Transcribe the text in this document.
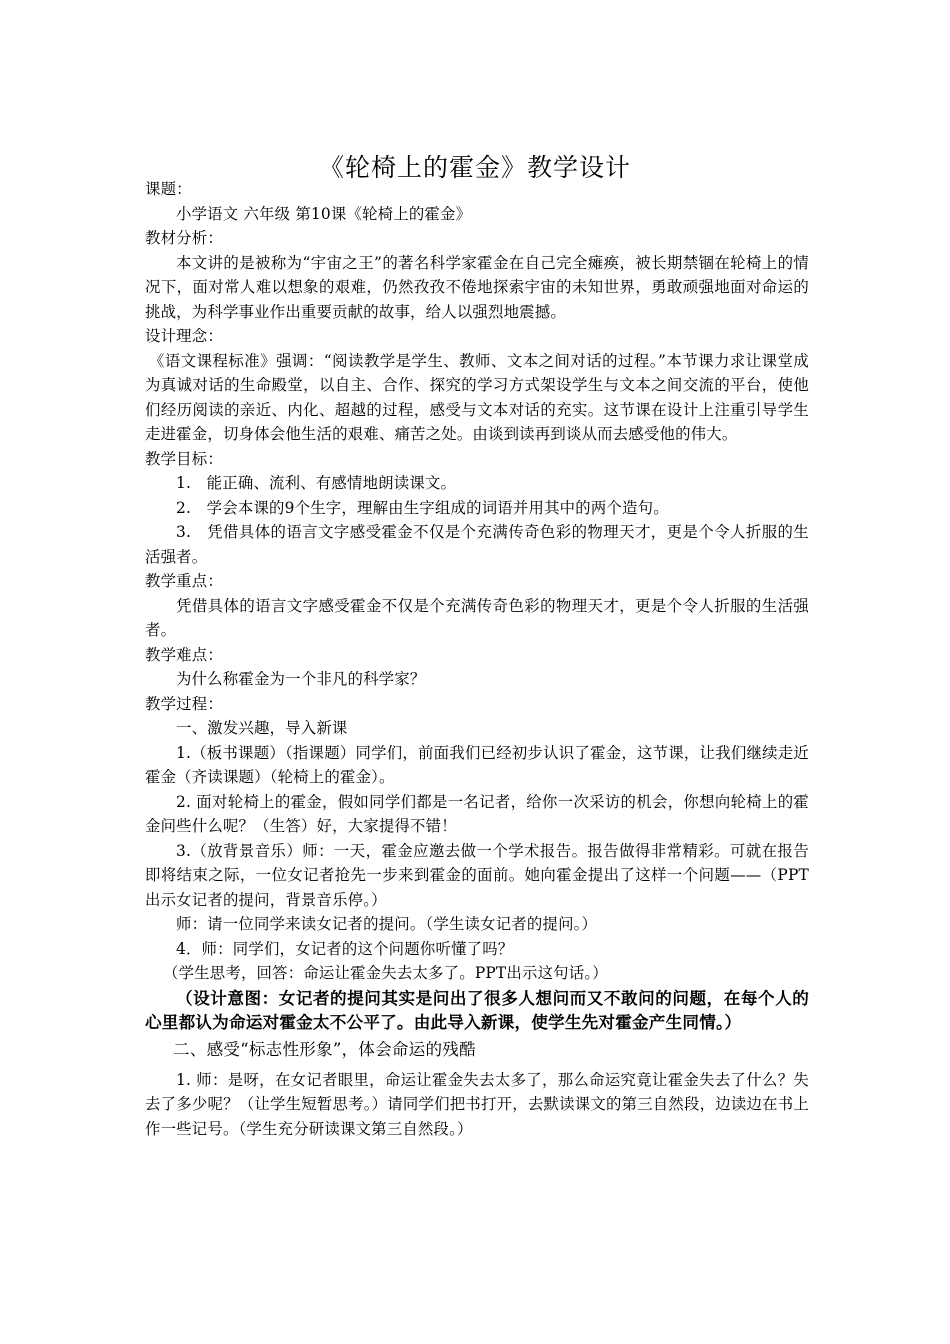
《轮椅上的霍金》教学设计

课题：

小学语文 六年级 第10课《轮椅上的霍金》

教材分析：

本文讲的是被称为“宇宙之王”的著名科学家霍金在自己完全瘫痪，被长期禁锢在轮椅上的情况下，面对常人难以想象的艰难，仍然孜孜不倦地探索宇宙的未知世界，勇敢顽强地面对命运的挑战，为科学事业作出重要贡献的故事，给人以强烈地震撼。

设计理念：

《语文课程标准》强调：“阅读教学是学生、教师、文本之间对话的过程。”本节课力求让课堂成为真诚对话的生命殿堂，以自主、合作、探究的学习方式架设学生与文本之间交流的平台，使他们经历阅读的亲近、内化、超越的过程，感受与文本对话的充实。这节课在设计上注重引导学生走进霍金，切身体会他生活的艰难、痛苦之处。由谈到读再到谈从而去感受他的伟大。

教学目标：

1.　能正确、流利、有感情地朗读课文。

2.　学会本课的9个生字，理解由生字组成的词语并用其中的两个造句。

3.　凭借具体的语言文字感受霍金不仅是个充满传奇色彩的物理天才，更是个令人折服的生活强者。

教学重点：

凭借具体的语言文字感受霍金不仅是个充满传奇色彩的物理天才，更是个令人折服的生活强者。

教学难点：

为什么称霍金为一个非凡的科学家？

教学过程：

一、激发兴趣，导入新课

1.（板书课题）（指课题）同学们，前面我们已经初步认识了霍金，这节课，让我们继续走近霍金（齐读课题）（轮椅上的霍金）。

2. 面对轮椅上的霍金，假如同学们都是一名记者，给你一次采访的机会，你想向轮椅上的霍金问些什么呢？（生答）好，大家提得不错！

3.（放背景音乐）师：一天，霍金应邀去做一个学术报告。报告做得非常精彩。可就在报告即将结束之际，一位女记者抢先一步来到霍金的面前。她向霍金提出了这样一个问题——（PPT出示女记者的提问，背景音乐停。）

师：请一位同学来读女记者的提问。（学生读女记者的提问。）

4．师：同学们，女记者的这个问题你听懂了吗？

（学生思考，回答：命运让霍金失去太多了。PPT出示这句话。）

（设计意图：女记者的提问其实是问出了很多人想问而又不敢问的问题，在每个人的心里都认为命运对霍金太不公平了。由此导入新课，使学生先对霍金产生同情。）

二、感受“标志性形象”，体会命运的残酷

1. 师：是呀，在女记者眼里，命运让霍金失去太多了，那么命运究竟让霍金失去了什么？失去了多少呢？（让学生短暂思考。）请同学们把书打开，去默读课文的第三自然段，边读边在书上作一些记号。（学生充分研读课文第三自然段。）
